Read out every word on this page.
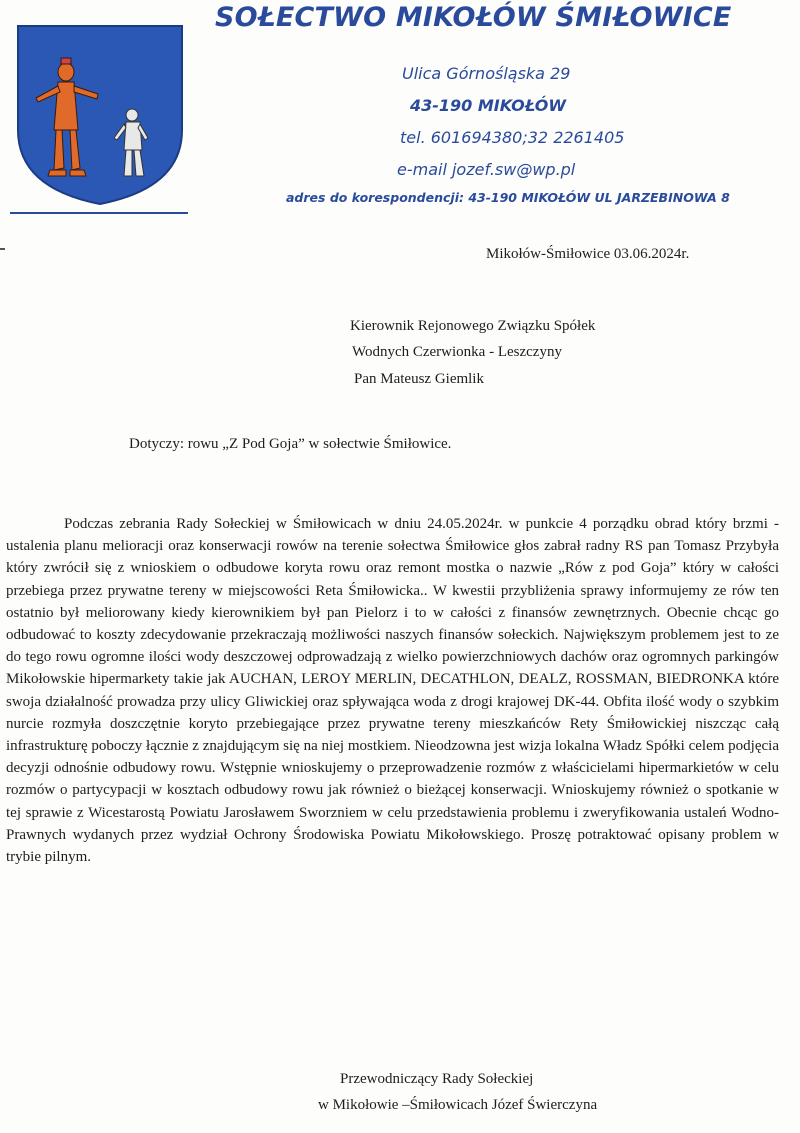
SOŁECTWO MIKOŁÓW ŚMIŁOWICE
Ulica Górnośląska 29
43-190 MIKOŁÓW
tel. 601694380;32 2261405
e-mail jozef.sw@wp.pl
adres do korespondencji: 43-190 MIKOŁÓW UL JARZEBINOWA 8
Mikołów-Śmiłowice 03.06.2024r.
Kierownik Rejonowego Związku Spółek
Wodnych Czerwionka - Leszczyny
Pan Mateusz Giemlik
Dotyczy: rowu „Z Pod Goja” w sołectwie Śmiłowice.
Podczas zebrania Rady Sołeckiej w Śmiłowicach w dniu 24.05.2024r. w punkcie 4 porządku obrad który brzmi -ustalenia planu melioracji oraz konserwacji rowów na terenie sołectwa Śmiłowice głos zabrał radny RS pan Tomasz Przybyła który zwrócił się z wnioskiem o odbudowe koryta rowu oraz remont mostka o nazwie „Rów z pod Goja” który w całości przebiega przez prywatne tereny w miejscowości Reta Śmiłowicka.. W kwestii przybliżenia sprawy informujemy ze rów ten ostatnio był meliorowany kiedy kierownikiem był pan Pielorz i to w całości z finansów zewnętrznych. Obecnie chcąc go odbudować to koszty zdecydowanie przekraczają możliwości naszych finansów sołeckich. Największym problemem jest to ze do tego rowu ogromne ilości wody deszczowej odprowadzają z wielko powierzchniowych dachów oraz ogromnych parkingów Mikołowskie hipermarkety takie jak AUCHAN, LEROY MERLIN, DECATHLON, DEALZ, ROSSMAN, BIEDRONKA które swoja działalność prowadza przy ulicy Gliwickiej oraz spływająca woda z drogi krajowej DK-44. Obfita ilość wody o szybkim nurcie rozmyła doszczętnie koryto przebiegające przez prywatne tereny mieszkańców Rety Śmiłowickiej niszcząc całą infrastrukturę poboczy łącznie z znajdującym się na niej mostkiem. Nieodzowna jest wizja lokalna Władz Spółki celem podjęcia decyzji odnośnie odbudowy rowu. Wstępnie wnioskujemy o przeprowadzenie rozmów z właścicielami hipermarkietów w celu rozmów o partycypacji w kosztach odbudowy rowu jak również o bieżącej konserwacji. Wnioskujemy również o spotkanie w tej sprawie z Wicestarostą Powiatu Jarosławem Sworzniem w celu przedstawienia problemu i zweryfikowania ustaleń Wodno-Prawnych wydanych przez wydział Ochrony Środowiska Powiatu Mikołowskiego. Proszę potraktować opisany problem w trybie pilnym.
Przewodniczący Rady Sołeckiej
w Mikołowie –Śmiłowicach Józef Świerczyna
